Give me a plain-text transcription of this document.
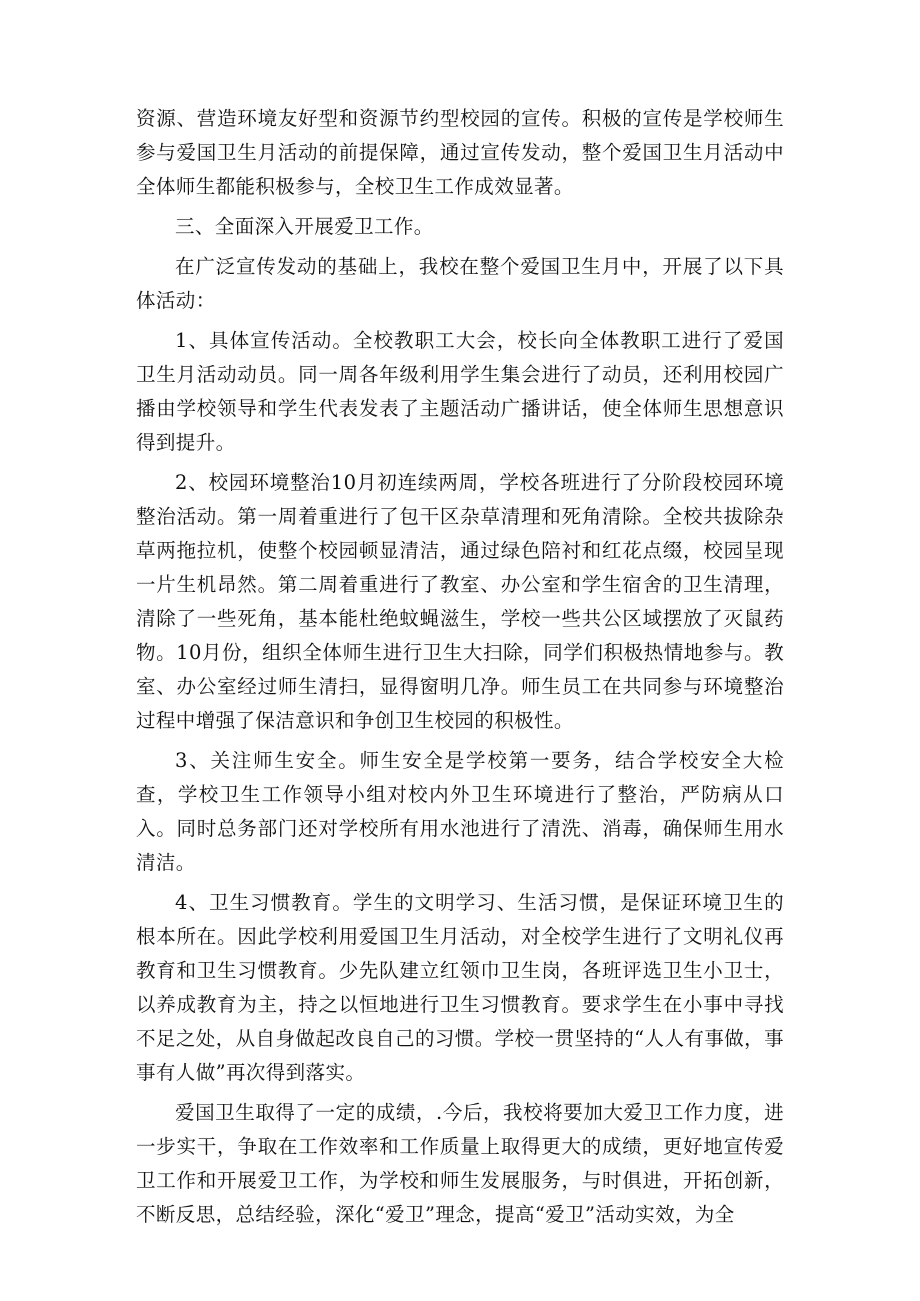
资源、营造环境友好型和资源节约型校园的宣传。积极的宣传是学校师生参与爱国卫生月活动的前提保障，通过宣传发动，整个爱国卫生月活动中全体师生都能积极参与，全校卫生工作成效显著。

三、全面深入开展爱卫工作。

在广泛宣传发动的基础上，我校在整个爱国卫生月中，开展了以下具体活动：

1、具体宣传活动。全校教职工大会，校长向全体教职工进行了爱国卫生月活动动员。同一周各年级利用学生集会进行了动员，还利用校园广播由学校领导和学生代表发表了主题活动广播讲话，使全体师生思想意识得到提升。

2、校园环境整治10月初连续两周，学校各班进行了分阶段校园环境整治活动。第一周着重进行了包干区杂草清理和死角清除。全校共拔除杂草两拖拉机，使整个校园顿显清洁，通过绿色陪衬和红花点缀，校园呈现一片生机昂然。第二周着重进行了教室、办公室和学生宿舍的卫生清理，清除了一些死角，基本能杜绝蚊蝇滋生，学校一些共公区域摆放了灭鼠药物。10月份，组织全体师生进行卫生大扫除，同学们积极热情地参与。教室、办公室经过师生清扫，显得窗明几净。师生员工在共同参与环境整治过程中增强了保洁意识和争创卫生校园的积极性。

3、关注师生安全。师生安全是学校第一要务，结合学校安全大检查，学校卫生工作领导小组对校内外卫生环境进行了整治，严防病从口入。同时总务部门还对学校所有用水池进行了清洗、消毒，确保师生用水清洁。

4、卫生习惯教育。学生的文明学习、生活习惯，是保证环境卫生的根本所在。因此学校利用爱国卫生月活动，对全校学生进行了文明礼仪再教育和卫生习惯教育。少先队建立红领巾卫生岗，各班评选卫生小卫士，以养成教育为主，持之以恒地进行卫生习惯教育。要求学生在小事中寻找不足之处，从自身做起改良自己的习惯。学校一贯坚持的“人人有事做，事事有人做”再次得到落实。

爱国卫生取得了一定的成绩，.今后，我校将要加大爱卫工作力度，进一步实干，争取在工作效率和工作质量上取得更大的成绩，更好地宣传爱卫工作和开展爱卫工作，为学校和师生发展服务，与时俱进，开拓创新，不断反思，总结经验，深化“爱卫”理念，提高“爱卫”活动实效，为全
